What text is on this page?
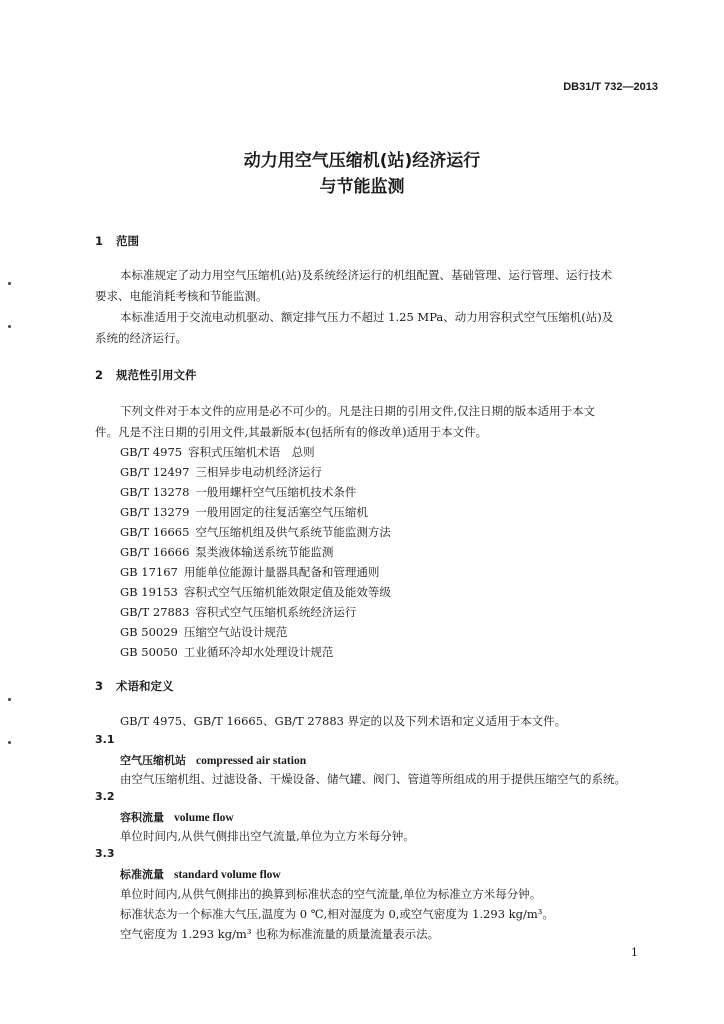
DB31/T 732—2013
动力用空气压缩机(站)经济运行
与节能监测
1 范围
本标准规定了动力用空气压缩机(站)及系统经济运行的机组配置、基础管理、运行管理、运行技术
要求、电能消耗考核和节能监测。
本标准适用于交流电动机驱动、额定排气压力不超过 1.25 MPa、动力用容积式空气压缩机(站)及
系统的经济运行。
2 规范性引用文件
下列文件对于本文件的应用是必不可少的。凡是注日期的引用文件,仅注日期的版本适用于本文
件。凡是不注日期的引用文件,其最新版本(包括所有的修改单)适用于本文件。
GB/T 4975 容积式压缩机术语　总则
GB/T 12497 三相异步电动机经济运行
GB/T 13278 一般用螺杆空气压缩机技术条件
GB/T 13279 一般用固定的往复活塞空气压缩机
GB/T 16665 空气压缩机组及供气系统节能监测方法
GB/T 16666 泵类液体输送系统节能监测
GB 17167 用能单位能源计量器具配备和管理通则
GB 19153 容积式空气压缩机能效限定值及能效等级
GB/T 27883 容积式空气压缩机系统经济运行
GB 50029 压缩空气站设计规范
GB 50050 工业循环冷却水处理设计规范
3 术语和定义
GB/T 4975、GB/T 16665、GB/T 27883 界定的以及下列术语和定义适用于本文件。
3.1
空气压缩机站 compressed air station
由空气压缩机组、过滤设备、干燥设备、储气罐、阀门、管道等所组成的用于提供压缩空气的系统。
3.2
容积流量 volume flow
单位时间内,从供气侧排出空气流量,单位为立方米每分钟。
3.3
标准流量 standard volume flow
单位时间内,从供气侧排出的换算到标准状态的空气流量,单位为标准立方米每分钟。
标准状态为一个标准大气压,温度为 0 ℃,相对湿度为 0,或空气密度为 1.293 kg/m³。
空气密度为 1.293 kg/m³ 也称为标准流量的质量流量表示法。
1
